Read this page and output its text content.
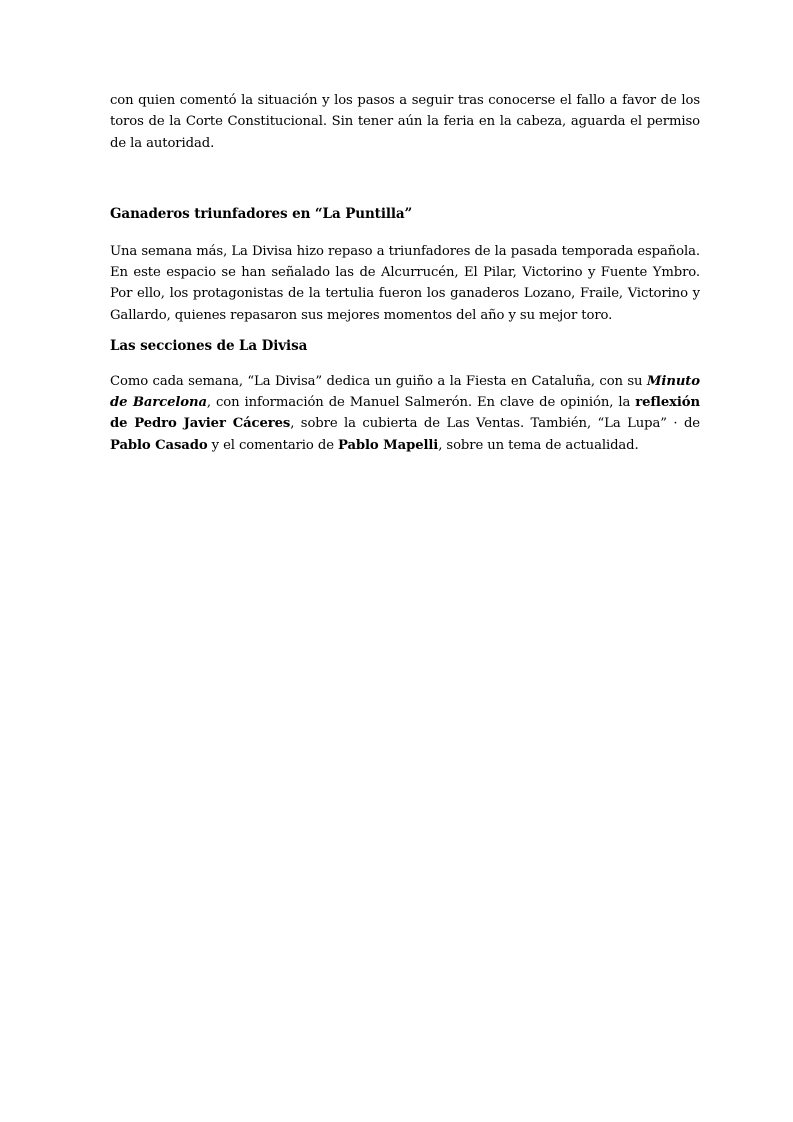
con quien comentó la situación y los pasos a seguir tras conocerse el fallo a favor de los toros de la Corte Constitucional. Sin tener aún la feria en la cabeza, aguarda el permiso de la autoridad.

Ganaderos triunfadores en “La Puntilla”

Una semana más, La Divisa hizo repaso a triunfadores de la pasada temporada española. En este espacio se han señalado las de Alcurrucén, El Pilar, Victorino y Fuente Ymbro. Por ello, los protagonistas de la tertulia fueron los ganaderos Lozano, Fraile, Victorino y Gallardo, quienes repasaron sus mejores momentos del año y su mejor toro.

Las secciones de La Divisa

Como cada semana, “La Divisa” dedica un guiño a la Fiesta en Cataluña, con su Minuto de Barcelona, con información de Manuel Salmerón. En clave de opinión, la reflexión de Pedro Javier Cáceres, sobre la cubierta de Las Ventas. También, “La Lupa” · de Pablo Casado y el comentario de Pablo Mapelli, sobre un tema de actualidad.
